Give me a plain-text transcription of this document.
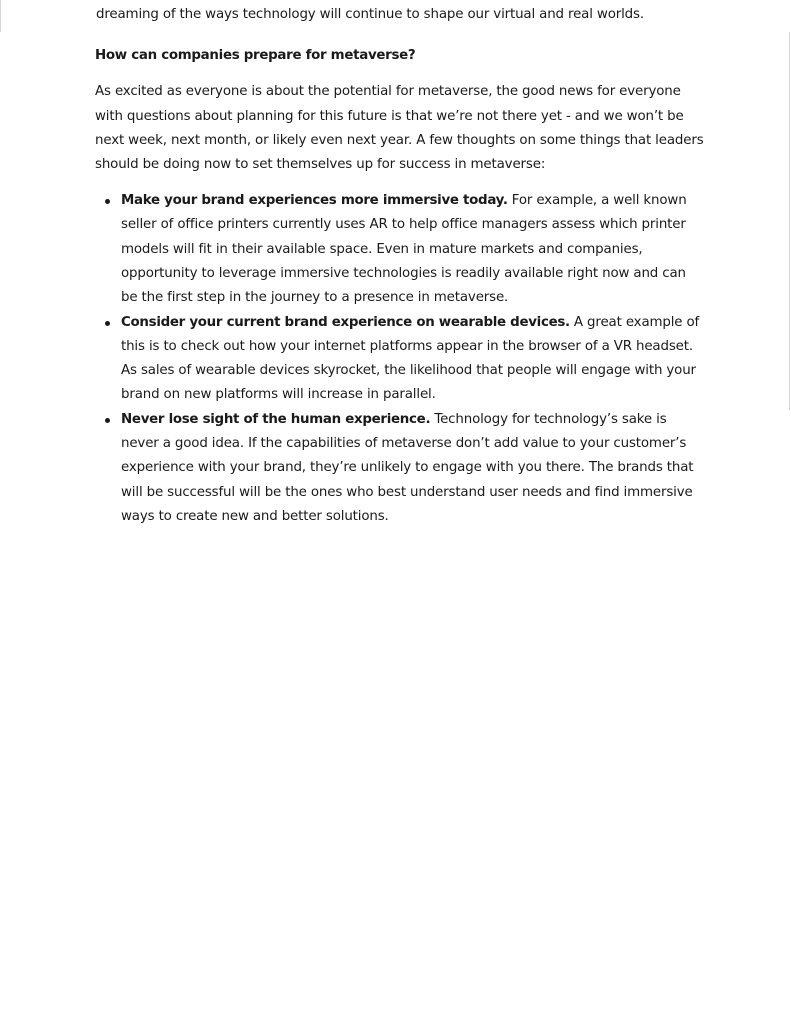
dreaming of the ways technology will continue to shape our virtual and real worlds.

How can companies prepare for metaverse?

As excited as everyone is about the potential for metaverse, the good news for everyone with questions about planning for this future is that we’re not there yet - and we won’t be next week, next month, or likely even next year. A few thoughts on some things that leaders should be doing now to set themselves up for success in metaverse:

Make your brand experiences more immersive today. For example, a well known seller of office printers currently uses AR to help office managers assess which printer models will fit in their available space. Even in mature markets and companies, opportunity to leverage immersive technologies is readily available right now and can be the first step in the journey to a presence in metaverse.
Consider your current brand experience on wearable devices. A great example of this is to check out how your internet platforms appear in the browser of a VR headset. As sales of wearable devices skyrocket, the likelihood that people will engage with your brand on new platforms will increase in parallel.
Never lose sight of the human experience. Technology for technology’s sake is never a good idea. If the capabilities of metaverse don’t add value to your customer’s experience with your brand, they’re unlikely to engage with you there. The brands that will be successful will be the ones who best understand user needs and find immersive ways to create new and better solutions.
